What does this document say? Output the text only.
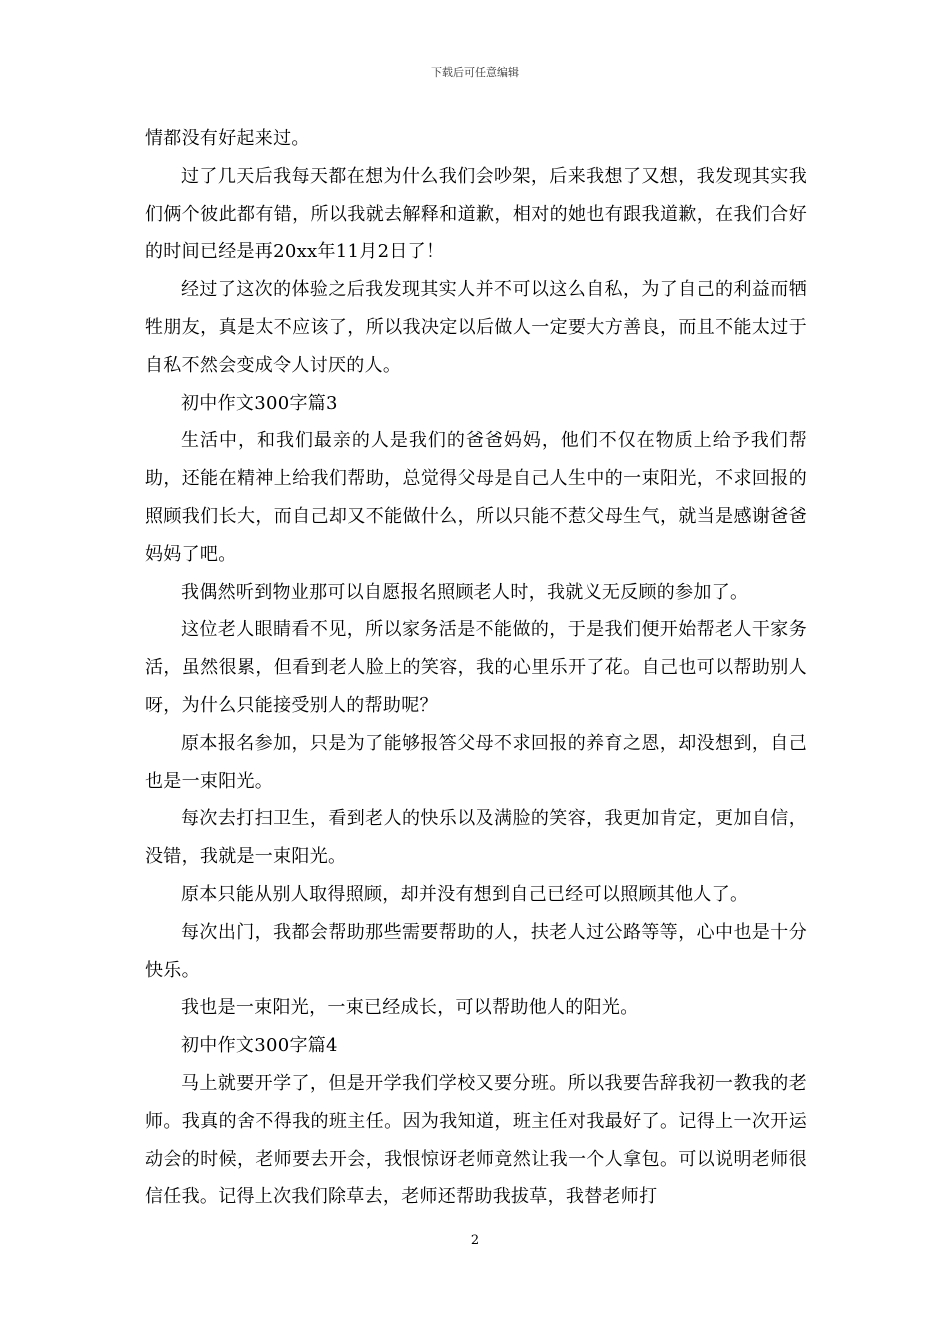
下载后可任意编辑

情都没有好起来过。

过了几天后我每天都在想为什么我们会吵架，后来我想了又想，我发现其实我们俩个彼此都有错，所以我就去解释和道歉，相对的她也有跟我道歉，在我们合好的时间已经是再20xx年11月2日了！

经过了这次的体验之后我发现其实人并不可以这么自私，为了自己的利益而牺牲朋友，真是太不应该了，所以我决定以后做人一定要大方善良，而且不能太过于自私不然会变成令人讨厌的人。

初中作文300字篇3

生活中，和我们最亲的人是我们的爸爸妈妈，他们不仅在物质上给予我们帮助，还能在精神上给我们帮助，总觉得父母是自己人生中的一束阳光，不求回报的照顾我们长大，而自己却又不能做什么，所以只能不惹父母生气，就当是感谢爸爸妈妈了吧。

我偶然听到物业那可以自愿报名照顾老人时，我就义无反顾的参加了。

这位老人眼睛看不见，所以家务活是不能做的，于是我们便开始帮老人干家务活，虽然很累，但看到老人脸上的笑容，我的心里乐开了花。自己也可以帮助别人呀，为什么只能接受别人的帮助呢？

原本报名参加，只是为了能够报答父母不求回报的养育之恩，却没想到，自己也是一束阳光。

每次去打扫卫生，看到老人的快乐以及满脸的笑容，我更加肯定，更加自信，没错，我就是一束阳光。

原本只能从别人取得照顾，却并没有想到自己已经可以照顾其他人了。

每次出门，我都会帮助那些需要帮助的人，扶老人过公路等等，心中也是十分快乐。

我也是一束阳光，一束已经成长，可以帮助他人的阳光。

初中作文300字篇4

马上就要开学了，但是开学我们学校又要分班。所以我要告辞我初一教我的老师。我真的舍不得我的班主任。因为我知道，班主任对我最好了。记得上一次开运动会的时候，老师要去开会，我恨惊讶老师竟然让我一个人拿包。可以说明老师很信任我。记得上次我们除草去，老师还帮助我拔草，我替老师打

2
